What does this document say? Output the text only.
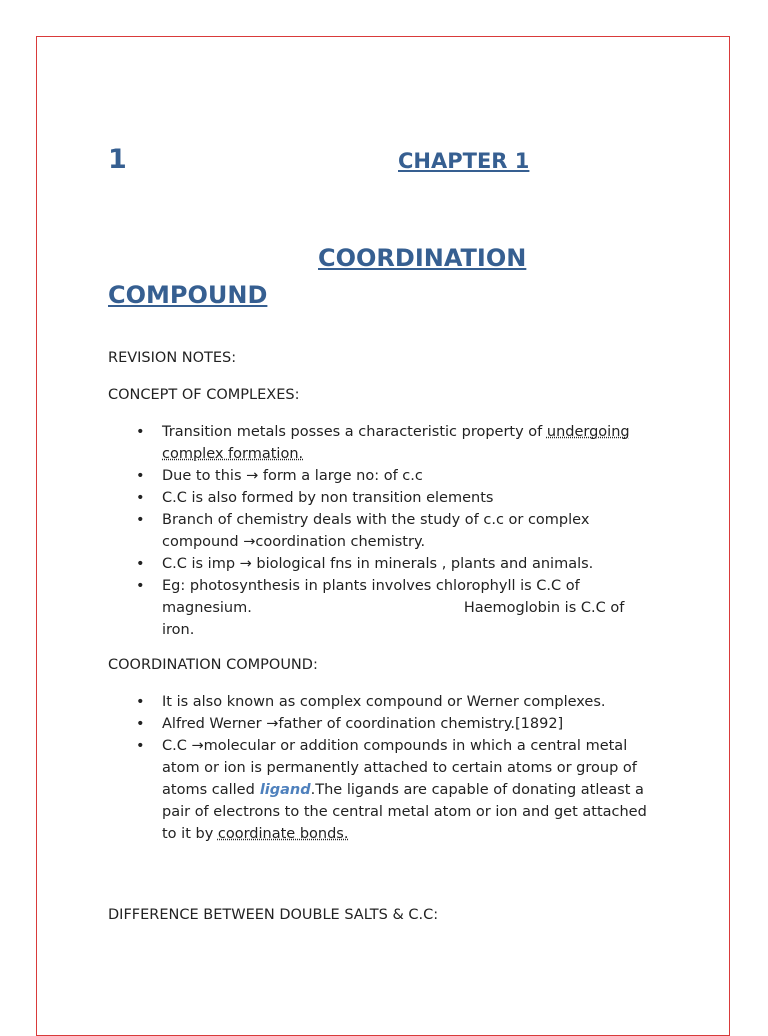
1	CHAPTER 1
COORDINATION COMPOUND

REVISION NOTES:

CONCEPT OF COMPLEXES:

• Transition metals posses a characteristic property of undergoing complex formation.
• Due to this → form a large no: of c.c
• C.C is also formed by non transition elements
• Branch of chemistry deals with the study of c.c or complex compound →coordination chemistry.
• C.C is imp → biological fns in minerals , plants and animals.
• Eg: photosynthesis in plants involves chlorophyll is C.C of magnesium.	Haemoglobin is C.C of iron.

COORDINATION COMPOUND:

• It is also known as complex compound or Werner complexes.
• Alfred Werner →father of coordination chemistry.[1892]
• C.C →molecular or addition compounds in which a central metal atom or ion is permanently attached to certain atoms or group of atoms called ligand.The ligands are capable of donating atleast a pair of electrons to the central metal atom or ion and get attached to it by coordinate bonds.

DIFFERENCE BETWEEN DOUBLE SALTS & C.C:
